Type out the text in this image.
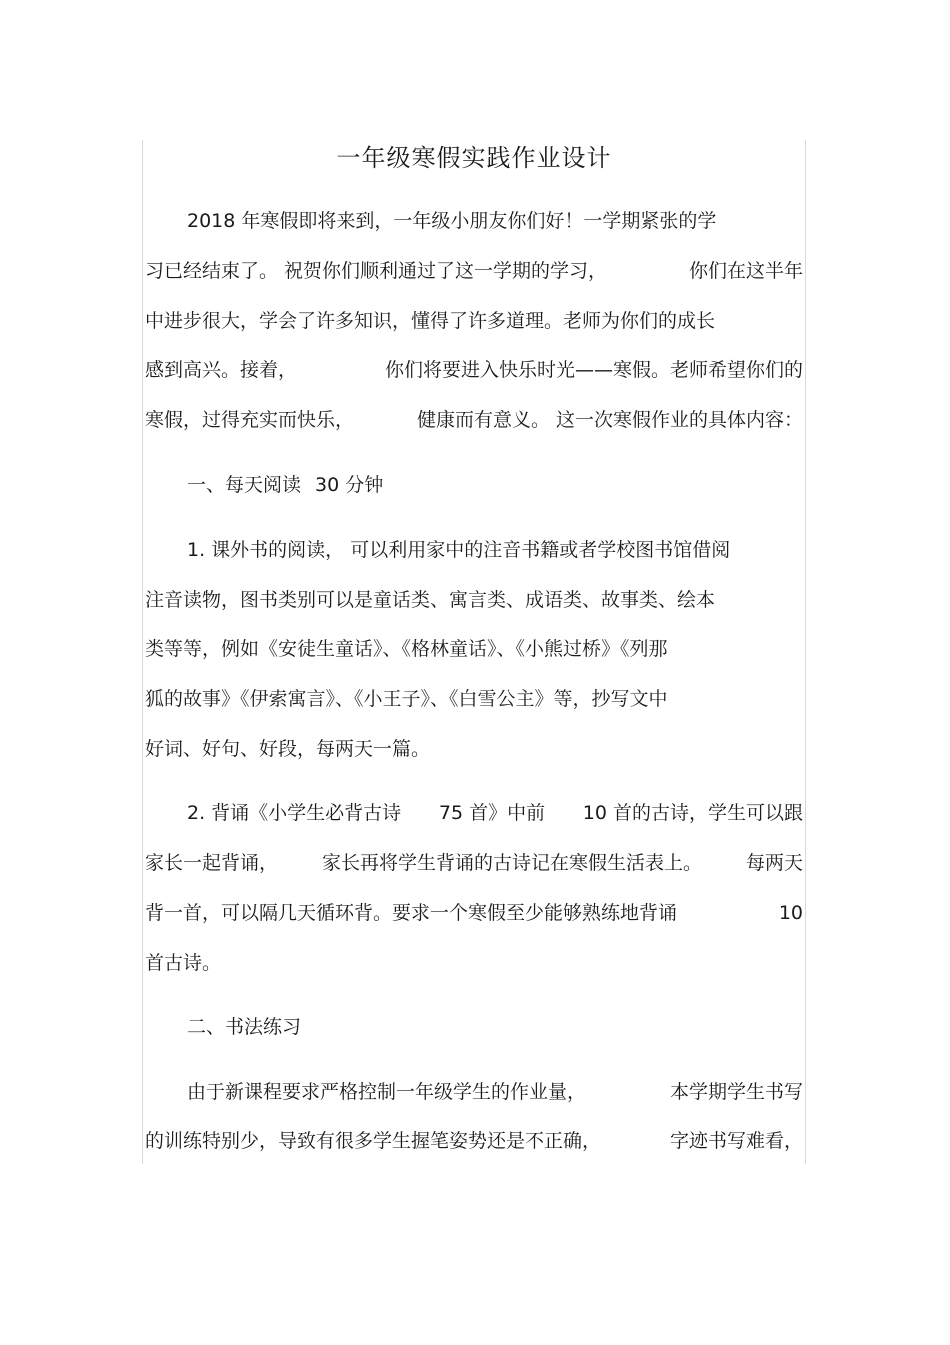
一年级寒假实践作业设计
2018 年寒假即将来到，一年级小朋友你们好！一学期紧张的学
习已经结束了。 祝贺你们顺利通过了这一学期的学习，	你们在这半年
中进步很大，学会了许多知识，懂得了许多道理。老师为你们的成长
感到高兴。接着，	你们将要进入快乐时光——寒假。老师希望你们的
寒假，过得充实而快乐，	健康而有意义。 这一次寒假作业的具体内容：
一、每天阅读 30 分钟
1. 课外书的阅读， 可以利用家中的注音书籍或者学校图书馆借阅
注音读物，图书类别可以是童话类、寓言类、成语类、故事类、绘本
类等等，例如《安徒生童话》、《格林童话》、《小熊过桥》《列那
狐的故事》《伊索寓言》、《小王子》、《白雪公主》等，抄写文中
好词、好句、好段，每两天一篇。
2. 背诵《小学生必背古诗 75 首》中前 10 首的古诗，学生可以跟
家长一起背诵， 家长再将学生背诵的古诗记在寒假生活表上。 每两天
背一首，可以隔几天循环背。要求一个寒假至少能够熟练地背诵	10
首古诗。
二、书法练习
由于新课程要求严格控制一年级学生的作业量，	本学期学生书写
的训练特别少，导致有很多学生握笔姿势还是不正确，	字迹书写难看，
